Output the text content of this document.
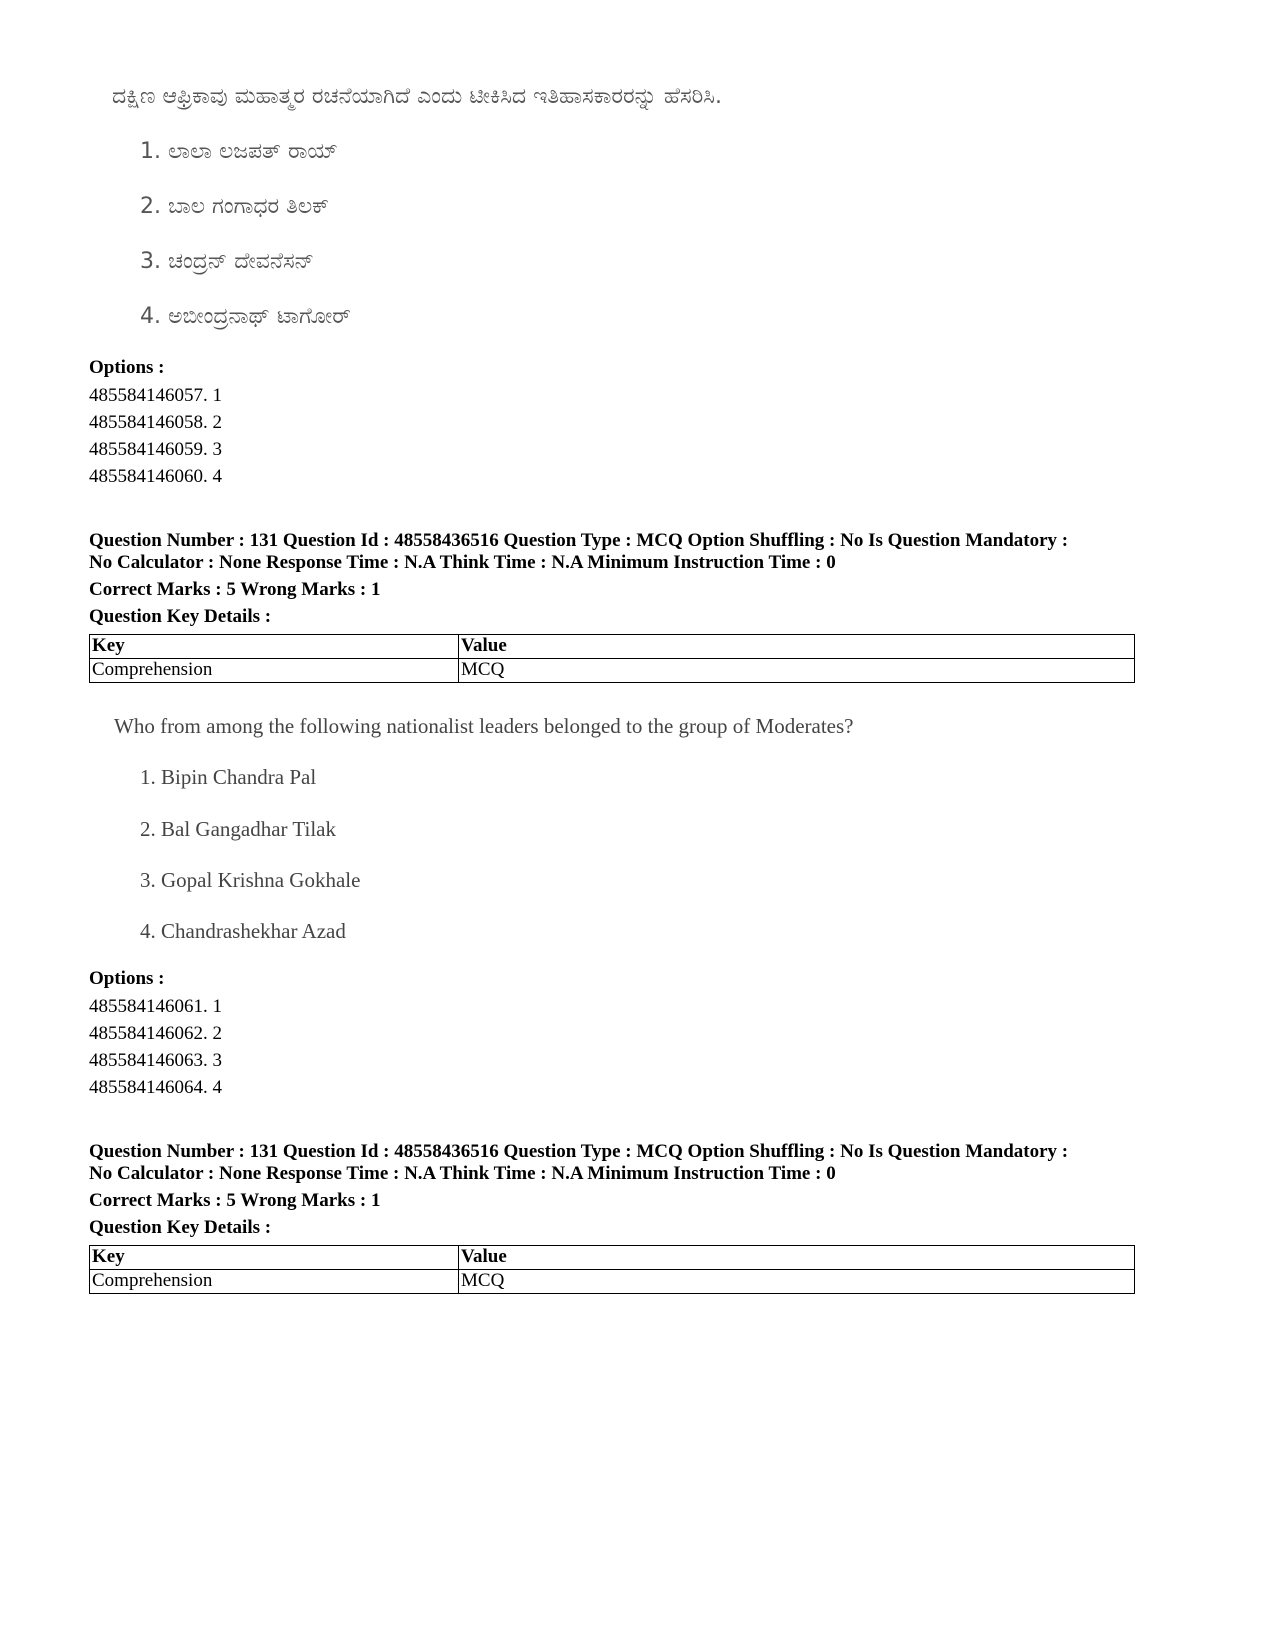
ದಕ್ಷಿಣ ಆಫ್ರಿಕಾವು ಮಹಾತ್ಮರ ರಚನೆಯಾಗಿದೆ ಎಂದು ಟೀಕಿಸಿದ ಇತಿಹಾಸಕಾರರನ್ನು ಹೆಸರಿಸಿ.
1. ಲಾಲಾ ಲಜಪತ್ ರಾಯ್
2. ಬಾಲ ಗಂಗಾಧರ ತಿಲಕ್
3. ಚಂದ್ರನ್ ದೇವನೆಸನ್
4. ಅಬೀಂದ್ರನಾಥ್ ಟಾಗೋರ್
Options :
485584146057. 1
485584146058. 2
485584146059. 3
485584146060. 4
Question Number : 131 Question Id : 48558436516 Question Type : MCQ Option Shuffling : No Is Question Mandatory :
No Calculator : None Response Time : N.A Think Time : N.A Minimum Instruction Time : 0
Correct Marks : 5 Wrong Marks : 1
Question Key Details :
Key	Value
Comprehension	MCQ
Who from among the following nationalist leaders belonged to the group of Moderates?
1. Bipin Chandra Pal
2. Bal Gangadhar Tilak
3. Gopal Krishna Gokhale
4. Chandrashekhar Azad
Options :
485584146061. 1
485584146062. 2
485584146063. 3
485584146064. 4
Question Number : 131 Question Id : 48558436516 Question Type : MCQ Option Shuffling : No Is Question Mandatory :
No Calculator : None Response Time : N.A Think Time : N.A Minimum Instruction Time : 0
Correct Marks : 5 Wrong Marks : 1
Question Key Details :
Key	Value
Comprehension	MCQ
